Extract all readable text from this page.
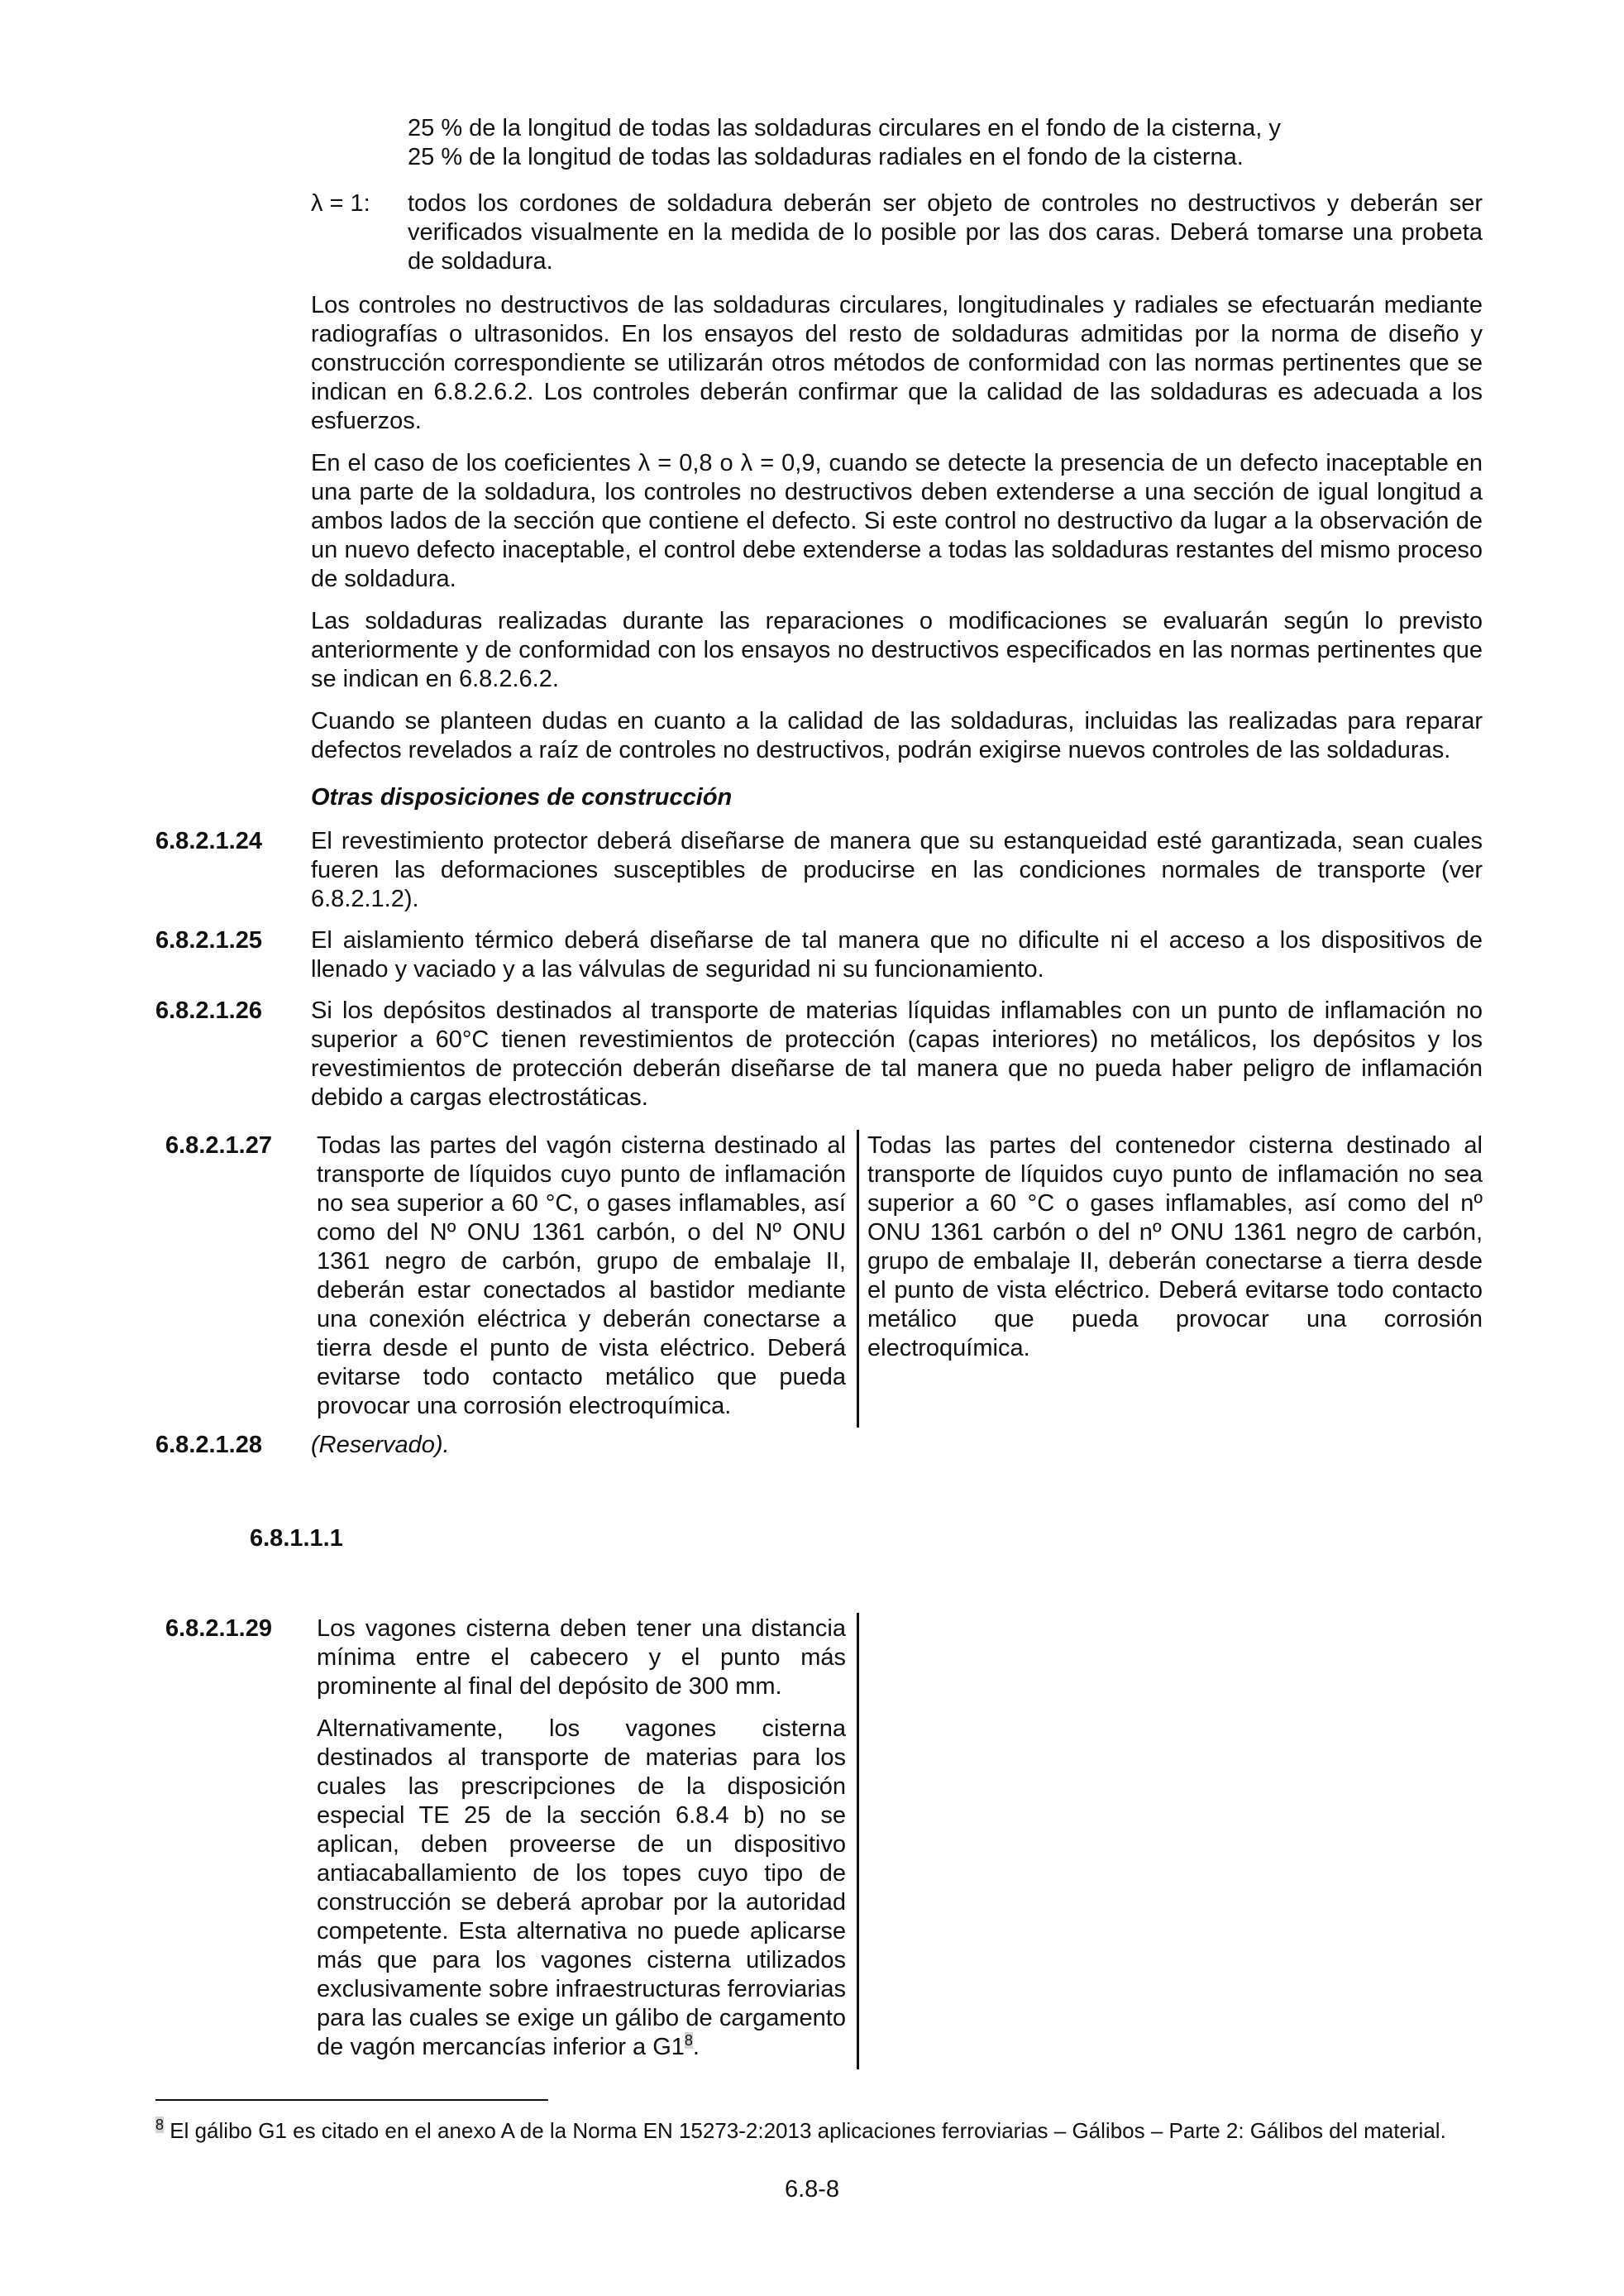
25 % de la longitud de todas las soldaduras circulares en el fondo de la cisterna, y
25 % de la longitud de todas las soldaduras radiales en el fondo de la cisterna.
λ = 1: todos los cordones de soldadura deberán ser objeto de controles no destructivos y deberán ser verificados visualmente en la medida de lo posible por las dos caras. Deberá tomarse una probeta de soldadura.

Los controles no destructivos de las soldaduras circulares, longitudinales y radiales se efectuarán mediante radiografías o ultrasonidos. En los ensayos del resto de soldaduras admitidas por la norma de diseño y construcción correspondiente se utilizarán otros métodos de conformidad con las normas pertinentes que se indican en 6.8.2.6.2. Los controles deberán confirmar que la calidad de las soldaduras es adecuada a los esfuerzos.

En el caso de los coeficientes λ = 0,8 o λ = 0,9, cuando se detecte la presencia de un defecto inaceptable en una parte de la soldadura, los controles no destructivos deben extenderse a una sección de igual longitud a ambos lados de la sección que contiene el defecto. Si este control no destructivo da lugar a la observación de un nuevo defecto inaceptable, el control debe extenderse a todas las soldaduras restantes del mismo proceso de soldadura.

Las soldaduras realizadas durante las reparaciones o modificaciones se evaluarán según lo previsto anteriormente y de conformidad con los ensayos no destructivos especificados en las normas pertinentes que se indican en 6.8.2.6.2.

Cuando se planteen dudas en cuanto a la calidad de las soldaduras, incluidas las realizadas para reparar defectos revelados a raíz de controles no destructivos, podrán exigirse nuevos controles de las soldaduras.

Otras disposiciones de construcción
6.8.2.1.24 El revestimiento protector deberá diseñarse de manera que su estanqueidad esté garantizada, sean cuales fueren las deformaciones susceptibles de producirse en las condiciones normales de transporte (ver 6.8.2.1.2).
6.8.2.1.25 El aislamiento térmico deberá diseñarse de tal manera que no dificulte ni el acceso a los dispositivos de llenado y vaciado y a las válvulas de seguridad ni su funcionamiento.
6.8.2.1.26 Si los depósitos destinados al transporte de materias líquidas inflamables con un punto de inflamación no superior a 60°C tienen revestimientos de protección (capas interiores) no metálicos, los depósitos y los revestimientos de protección deberán diseñarse de tal manera que no pueda haber peligro de inflamación debido a cargas electrostáticas.
6.8.2.1.27 Todas las partes del vagón cisterna destinado al transporte de líquidos cuyo punto de inflamación no sea superior a 60 °C, o gases inflamables, así como del Nº ONU 1361 carbón, o del Nº ONU 1361 negro de carbón, grupo de embalaje II, deberán estar conectados al bastidor mediante una conexión eléctrica y deberán conectarse a tierra desde el punto de vista eléctrico. Deberá evitarse todo contacto metálico que pueda provocar una corrosión electroquímica.
Todas las partes del contenedor cisterna destinado al transporte de líquidos cuyo punto de inflamación no sea superior a 60 °C o gases inflamables, así como del nº ONU 1361 carbón o del nº ONU 1361 negro de carbón, grupo de embalaje II, deberán conectarse a tierra desde el punto de vista eléctrico. Deberá evitarse todo contacto metálico que pueda provocar una corrosión electroquímica.
6.8.2.1.28 (Reservado).
6.8.1.1.1
6.8.2.1.29 Los vagones cisterna deben tener una distancia mínima entre el cabecero y el punto más prominente al final del depósito de 300 mm.

Alternativamente, los vagones cisterna destinados al transporte de materias para los cuales las prescripciones de la disposición especial TE 25 de la sección 6.8.4 b) no se aplican, deben proveerse de un dispositivo antiacaballamiento de los topes cuyo tipo de construcción se deberá aprobar por la autoridad competente. Esta alternativa no puede aplicarse más que para los vagones cisterna utilizados exclusivamente sobre infraestructuras ferroviarias para las cuales se exige un gálibo de cargamento de vagón mercancías inferior a G1$^8$.

$^8$ El gálibo G1 es citado en el anexo A de la Norma EN 15273-2:2013 aplicaciones ferroviarias – Gálibos – Parte 2: Gálibos del material.
6.8-8
